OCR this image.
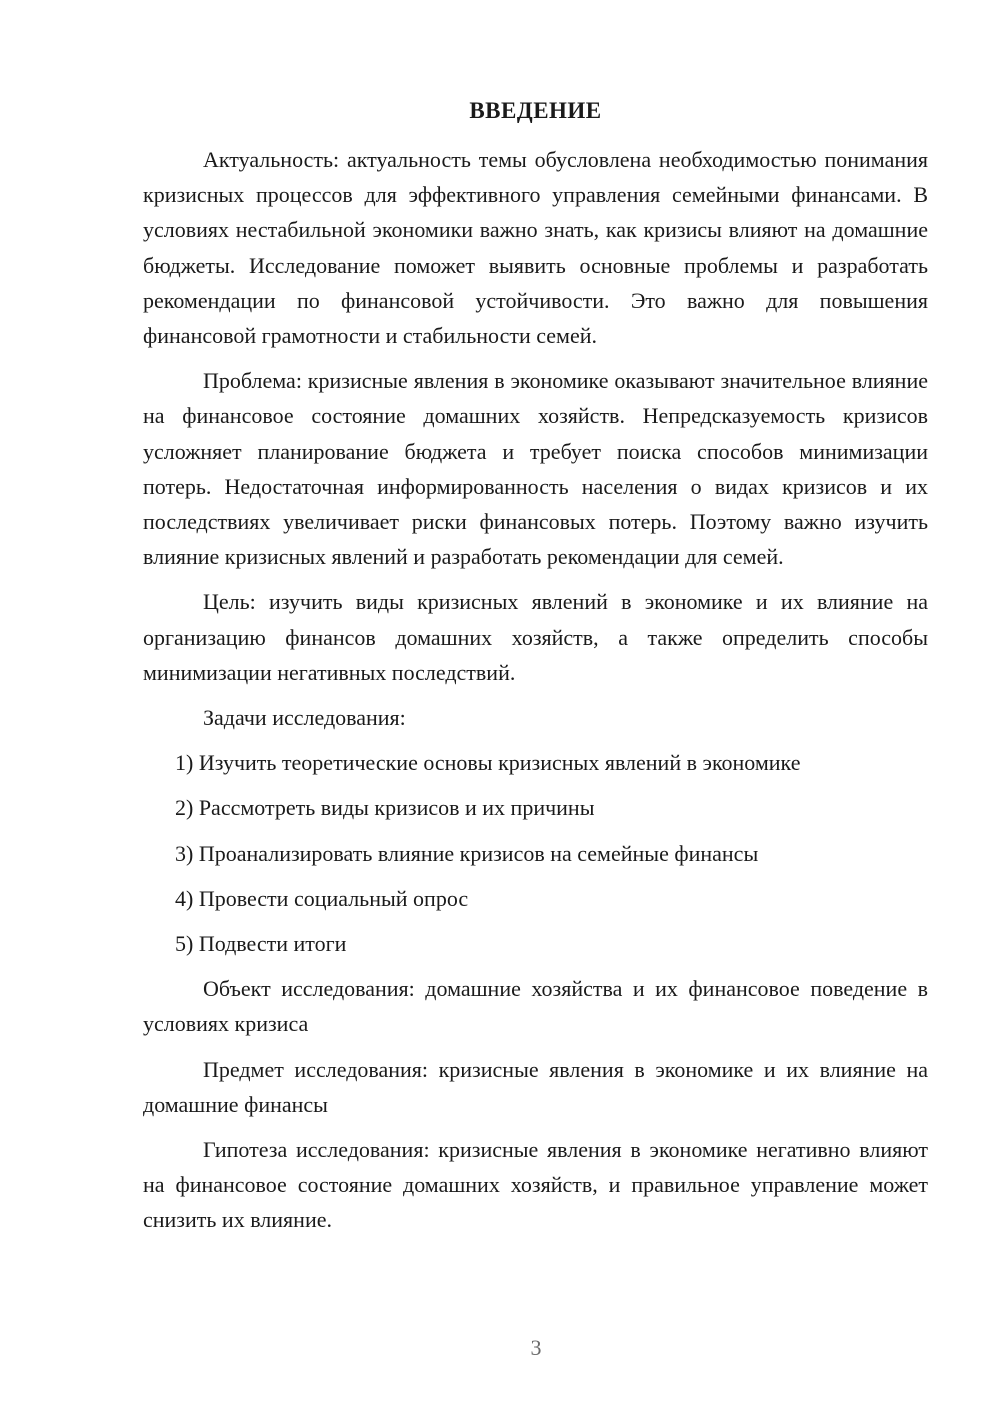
ВВЕДЕНИЕ

Актуальность: актуальность темы обусловлена необходимостью понимания кризисных процессов для эффективного управления семейными финансами. В условиях нестабильной экономики важно знать, как кризисы влияют на домашние бюджеты. Исследование поможет выявить основные проблемы и разработать рекомендации по финансовой устойчивости. Это важно для повышения финансовой грамотности и стабильности семей.

Проблема: кризисные явления в экономике оказывают значительное влияние на финансовое состояние домашних хозяйств. Непредсказуемость кризисов усложняет планирование бюджета и требует поиска способов минимизации потерь. Недостаточная информированность населения о видах кризисов и их последствиях увеличивает риски финансовых потерь. Поэтому важно изучить влияние кризисных явлений и разработать рекомендации для семей.

Цель: изучить виды кризисных явлений в экономике и их влияние на организацию финансов домашних хозяйств, а также определить способы минимизации негативных последствий.

Задачи исследования:

1) Изучить теоретические основы кризисных явлений в экономике

2) Рассмотреть виды кризисов и их причины

3) Проанализировать влияние кризисов на семейные финансы

4) Провести социальный опрос

5) Подвести итоги

Объект исследования: домашние хозяйства и их финансовое поведение в условиях кризиса

Предмет исследования: кризисные явления в экономике и их влияние на домашние финансы

Гипотеза исследования: кризисные явления в экономике негативно влияют на финансовое состояние домашних хозяйств, и правильное управление может снизить их влияние.

3
